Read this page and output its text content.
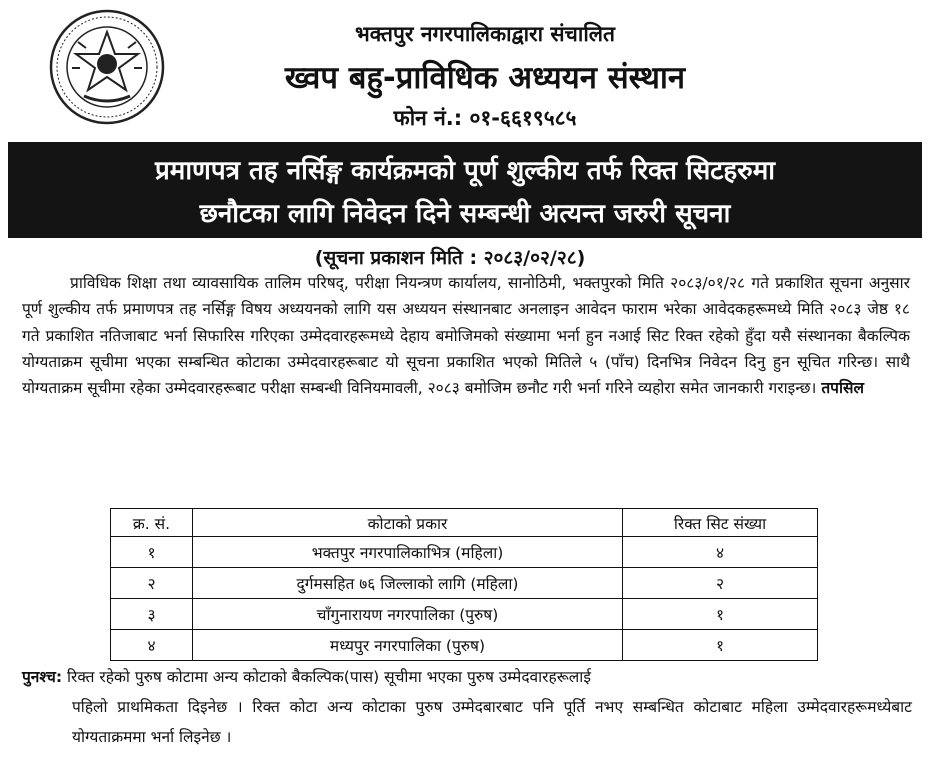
भक्तपुर नगरपालिकाद्वारा संचालित
ख्वप बहु-प्राविधिक अध्ययन संस्थान
फोन नं.: ०१-६६१९५८५
प्रमाणपत्र तह नर्सिङ्ग कार्यक्रमको पूर्ण शुल्कीय तर्फ रिक्त सिटहरुमा
छनौटका लागि निवेदन दिने सम्बन्धी अत्यन्त जरुरी सूचना
(सूचना प्रकाशन मिति : २०८३/०२/२८)
प्राविधिक शिक्षा तथा व्यावसायिक तालिम परिषद्, परीक्षा नियन्त्रण कार्यालय, सानोठिमी, भक्तपुरको मिति २०८३/०१/२८ गते प्रकाशित सूचना अनुसार पूर्ण शुल्कीय तर्फ प्रमाणपत्र तह नर्सिङ्ग विषय अध्ययनको लागि यस अध्ययन संस्थानबाट अनलाइन आवेदन फाराम भरेका आवेदकहरूमध्ये मिति २०८३ जेष्ठ १८ गते प्रकाशित नतिजाबाट भर्ना सिफारिस गरिएका उम्मेदवारहरूमध्ये देहाय बमोजिमको संख्यामा भर्ना हुन नआई सिट रिक्त रहेको हुँदा यसै संस्थानका बैकल्पिक योग्यताक्रम सूचीमा भएका सम्बन्धित कोटाका उम्मेदवारहरूबाट यो सूचना प्रकाशित भएको मितिले ५ (पाँच) दिनभित्र निवेदन दिनु हुन सूचित गरिन्छ। साथै योग्यताक्रम सूचीमा रहेका उम्मेदवारहरूबाट परीक्षा सम्बन्धी विनियमावली, २०८३ बमोजिम छनौट गरी भर्ना गरिने व्यहोरा समेत जानकारी गराइन्छ। तपसिल
क्र. सं.	कोटाको प्रकार	रिक्त सिट संख्या
१	भक्तपुर नगरपालिकाभित्र (महिला)	४
२	दुर्गमसहित ७६ जिल्लाको लागि (महिला)	२
३	चाँगुनारायण नगरपालिका (पुरुष)	१
४	मध्यपुर नगरपालिका (पुरुष)	१
पुनश्च: रिक्त रहेको पुरुष कोटामा अन्य कोटाको बैकल्पिक(पास) सूचीमा भएका पुरुष उम्मेदवारहरूलाई
पहिलो प्राथमिकता दिइनेछ । रिक्त कोटा अन्य कोटाका पुरुष उम्मेदबारबाट पनि पूर्ति नभए सम्बन्धित कोटाबाट महिला उम्मेदवारहरूमध्येबाट योग्यताक्रममा भर्ना लिइनेछ ।
